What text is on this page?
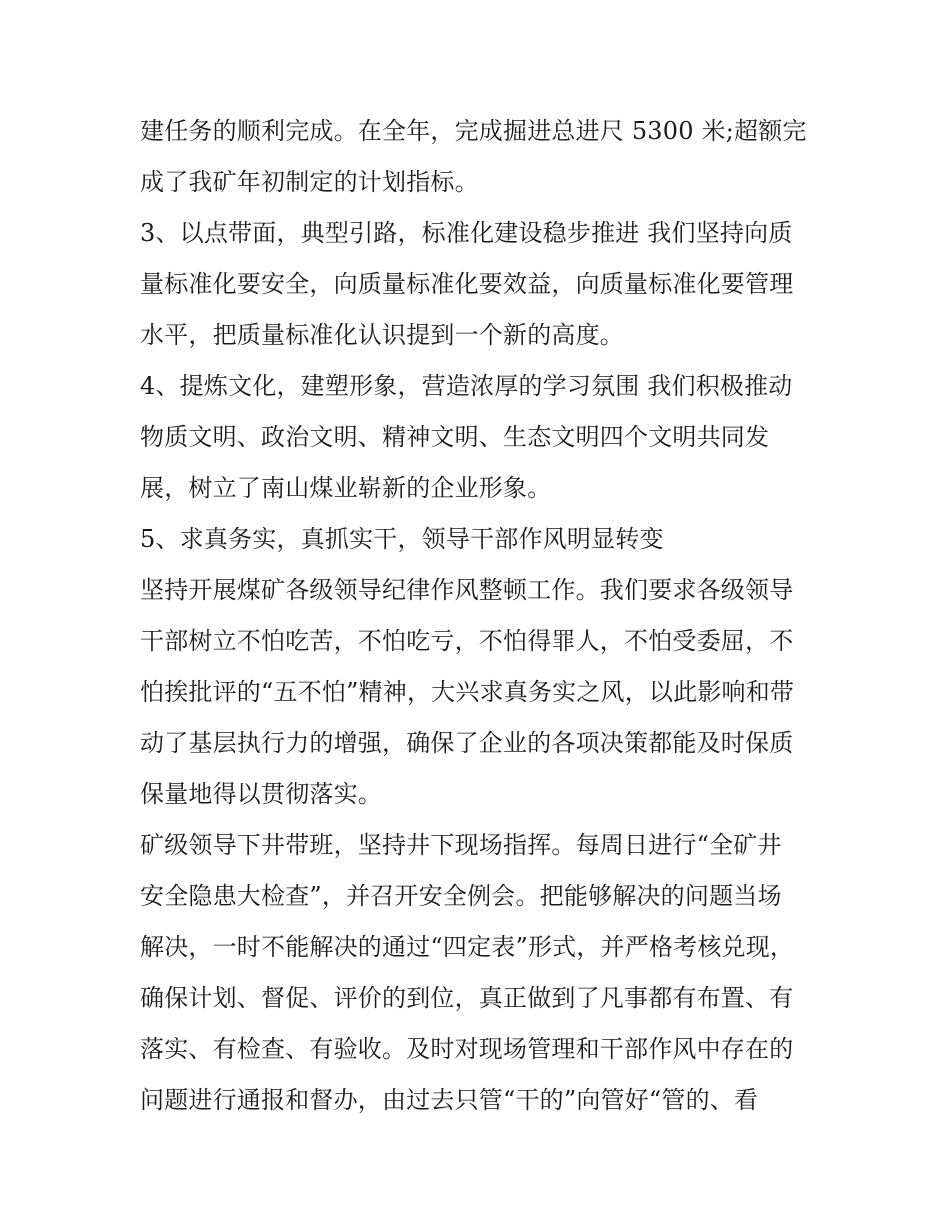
建任务的顺利完成。在全年，完成掘进总进尺 5300 米;超额完
成了我矿年初制定的计划指标。
3、以点带面，典型引路，标准化建设稳步推进 我们坚持向质
量标准化要安全，向质量标准化要效益，向质量标准化要管理
水平，把质量标准化认识提到一个新的高度。
4、提炼文化，建塑形象，营造浓厚的学习氛围 我们积极推动
物质文明、政治文明、精神文明、生态文明四个文明共同发
展，树立了南山煤业崭新的企业形象。
5、求真务实，真抓实干，领导干部作风明显转变
坚持开展煤矿各级领导纪律作风整顿工作。我们要求各级领导
干部树立不怕吃苦，不怕吃亏，不怕得罪人，不怕受委屈，不
怕挨批评的“五不怕”精神，大兴求真务实之风，以此影响和带
动了基层执行力的增强，确保了企业的各项决策都能及时保质
保量地得以贯彻落实。
矿级领导下井带班，坚持井下现场指挥。每周日进行“全矿井
安全隐患大检查”，并召开安全例会。把能够解决的问题当场
解决，一时不能解决的通过“四定表”形式，并严格考核兑现，
确保计划、督促、评价的到位，真正做到了凡事都有布置、有
落实、有检查、有验收。及时对现场管理和干部作风中存在的
问题进行通报和督办，由过去只管“干的”向管好“管的、看
